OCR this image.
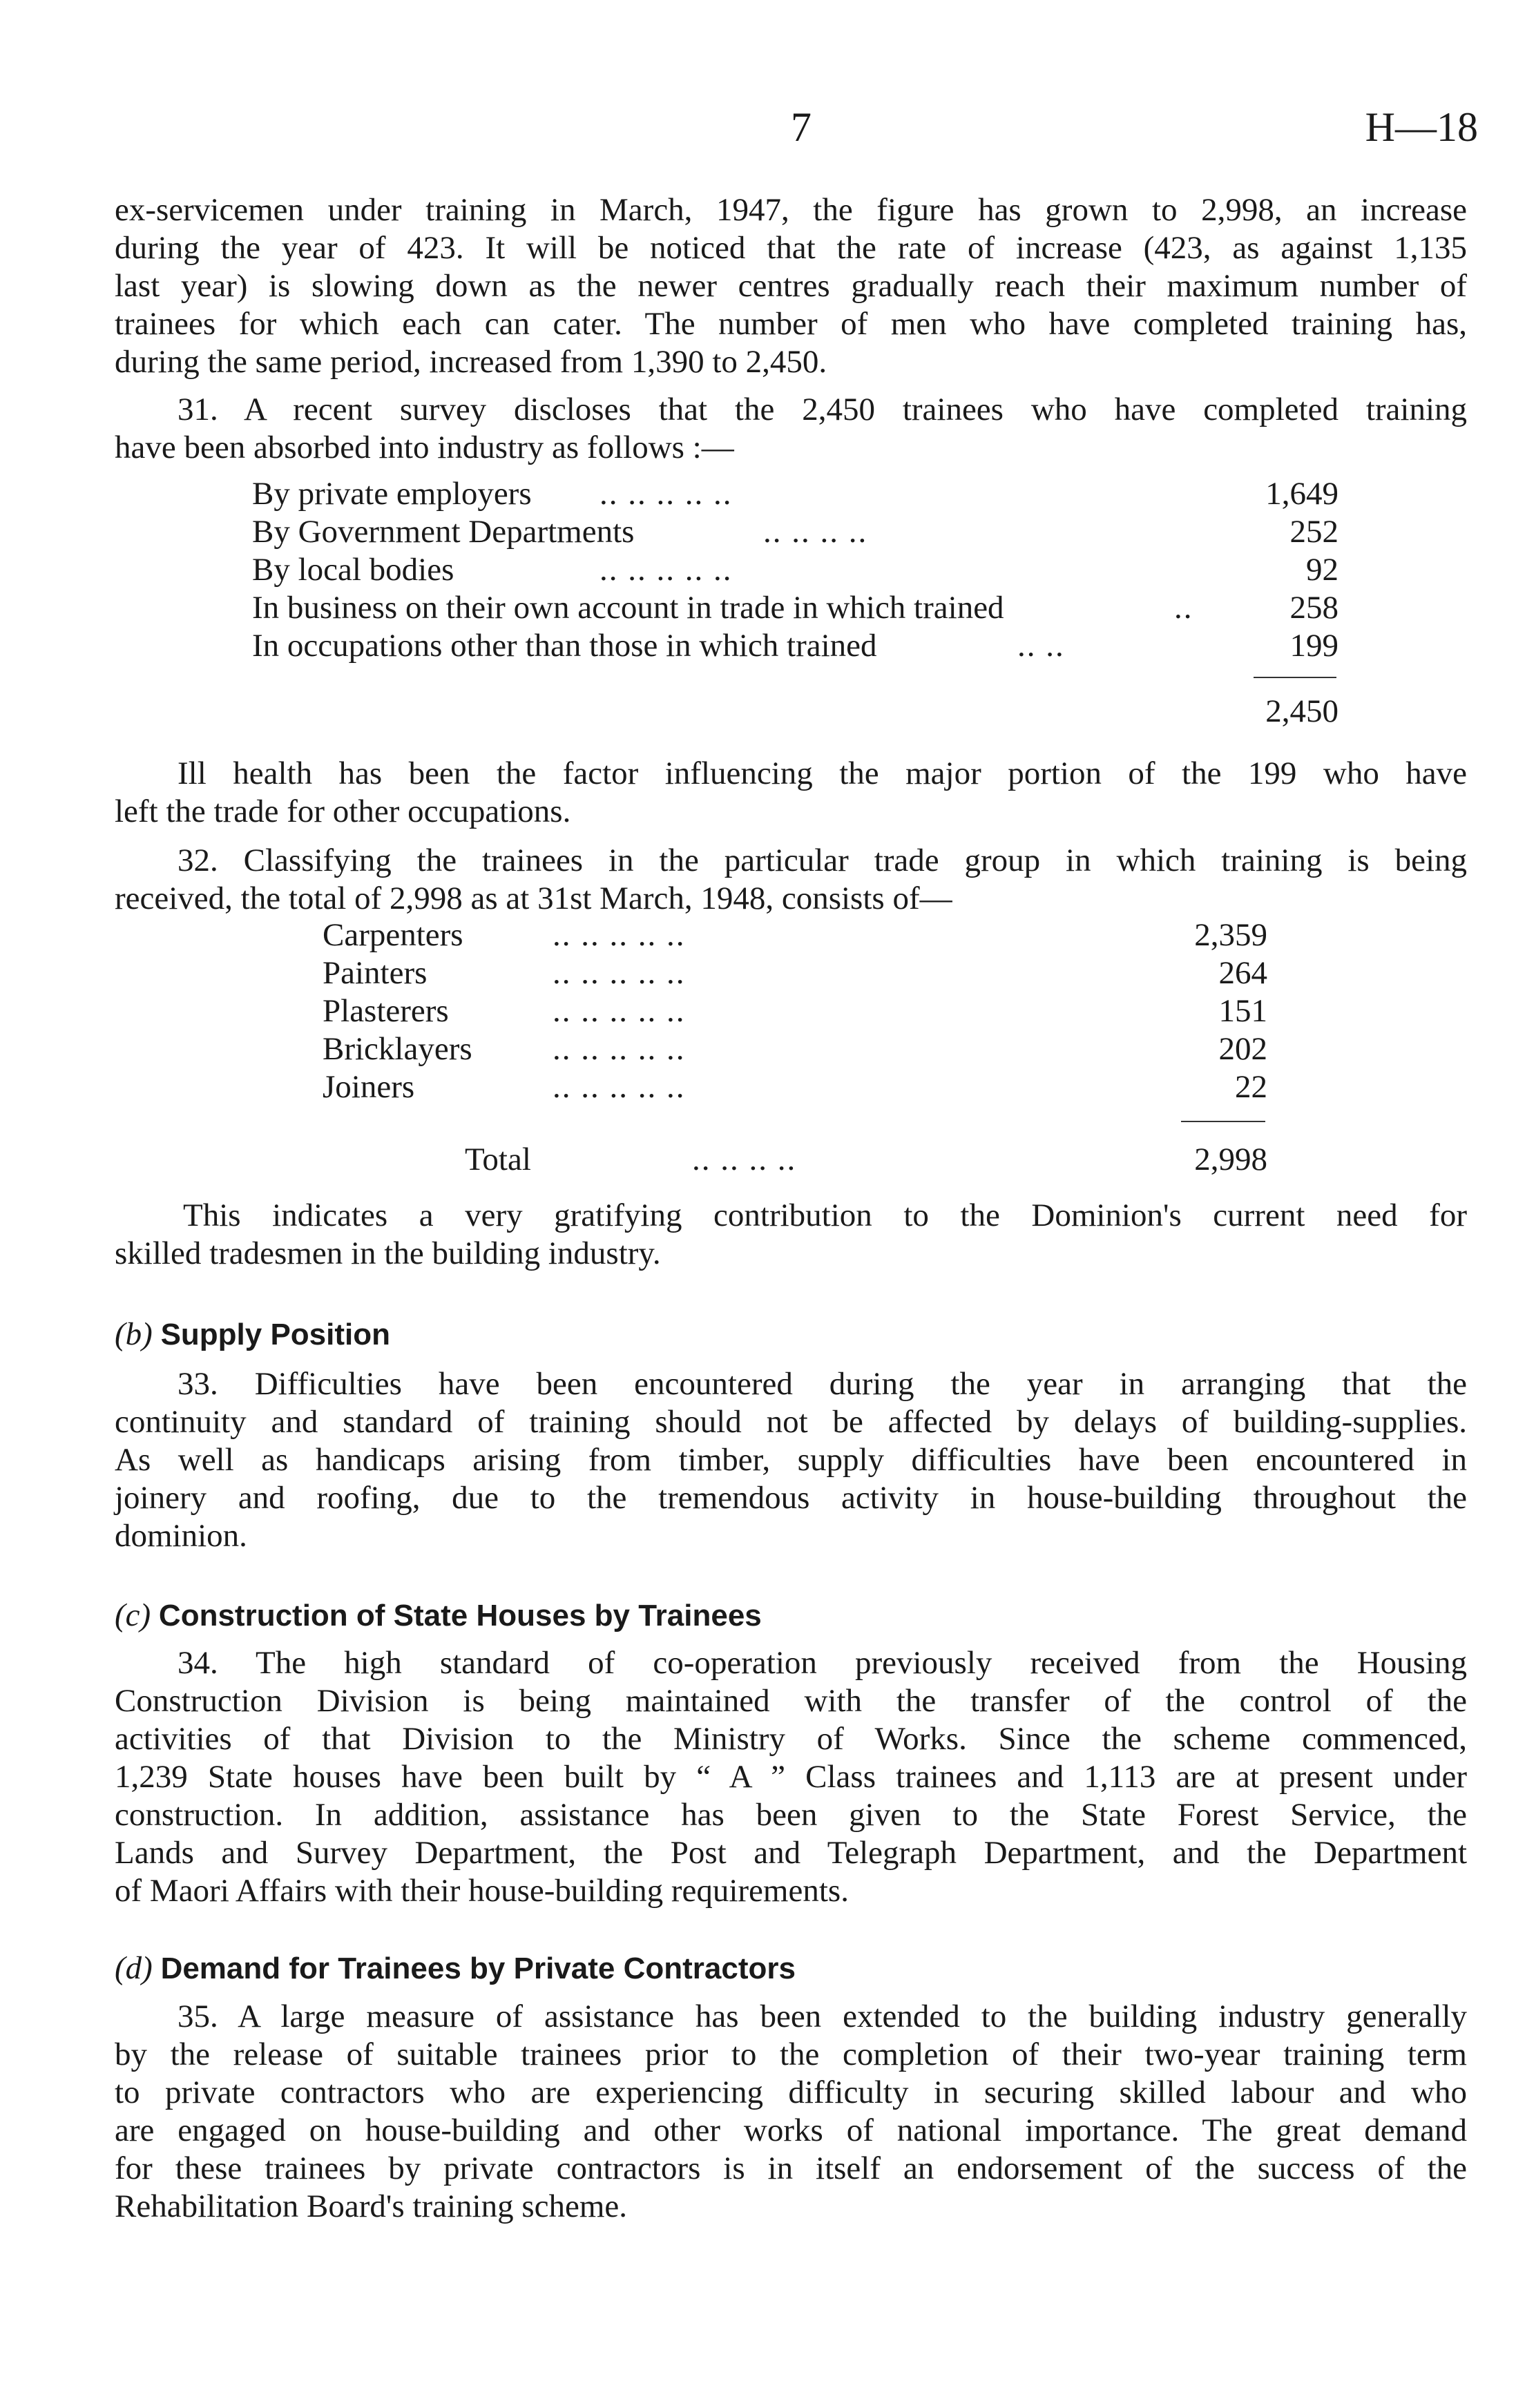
7	H—18
ex-servicemen under training in March, 1947, the figure has grown to 2,998, an increase
during the year of 423. It will be noticed that the rate of increase (423, as against 1,135
last year) is slowing down as the newer centres gradually reach their maximum number of
trainees for which each can cater. The number of men who have completed training has,
during the same period, increased from 1,390 to 2,450.
31. A recent survey discloses that the 2,450 trainees who have completed training
have been absorbed into industry as follows :—
By private employers .. .. .. .. ..	1,649
By Government Departments	.. .. .. ..	252
By local bodies	.. .. .. .. ..	92
In business on their own account in trade in which trained	..	258
In occupations other than those in which trained	.. ..	199
2,450
Ill health has been the factor influencing the major portion of the 199 who have
left the trade for other occupations.
32. Classifying the trainees in the particular trade group in which training is being
received, the total of 2,998 as at 31st March, 1948, consists of—
Carpenters	.. .. .. .. ..	2,359
Painters	.. .. .. .. ..	264
Plasterers	.. .. .. .. ..	151
Bricklayers .. .. .. .. ..	202
Joiners	.. .. .. .. ..	22
Total	.. .. .. ..	2,998
This indicates a very gratifying contribution to the Dominion's current need for
skilled tradesmen in the building industry.
(b) Supply Position
33. Difficulties have been encountered during the year in arranging that the
continuity and standard of training should not be affected by delays of building-supplies.
As well as handicaps arising from timber, supply difficulties have been encountered in
joinery and roofing, due to the tremendous activity in house-building throughout the
dominion.
(c) Construction of State Houses by Trainees
34. The high standard of co-operation previously received from the Housing
Construction Division is being maintained with the transfer of the control of the
activities of that Division to the Ministry of Works. Since the scheme commenced,
1,239 State houses have been built by “ A ” Class trainees and 1,113 are at present under
construction. In addition, assistance has been given to the State Forest Service, the
Lands and Survey Department, the Post and Telegraph Department, and the Department
of Maori Affairs with their house-building requirements.
(d) Demand for Trainees by Private Contractors
35. A large measure of assistance has been extended to the building industry generally
by the release of suitable trainees prior to the completion of their two-year training term
to private contractors who are experiencing difficulty in securing skilled labour and who
are engaged on house-building and other works of national importance. The great demand
for these trainees by private contractors is in itself an endorsement of the success of the
Rehabilitation Board's training scheme.
